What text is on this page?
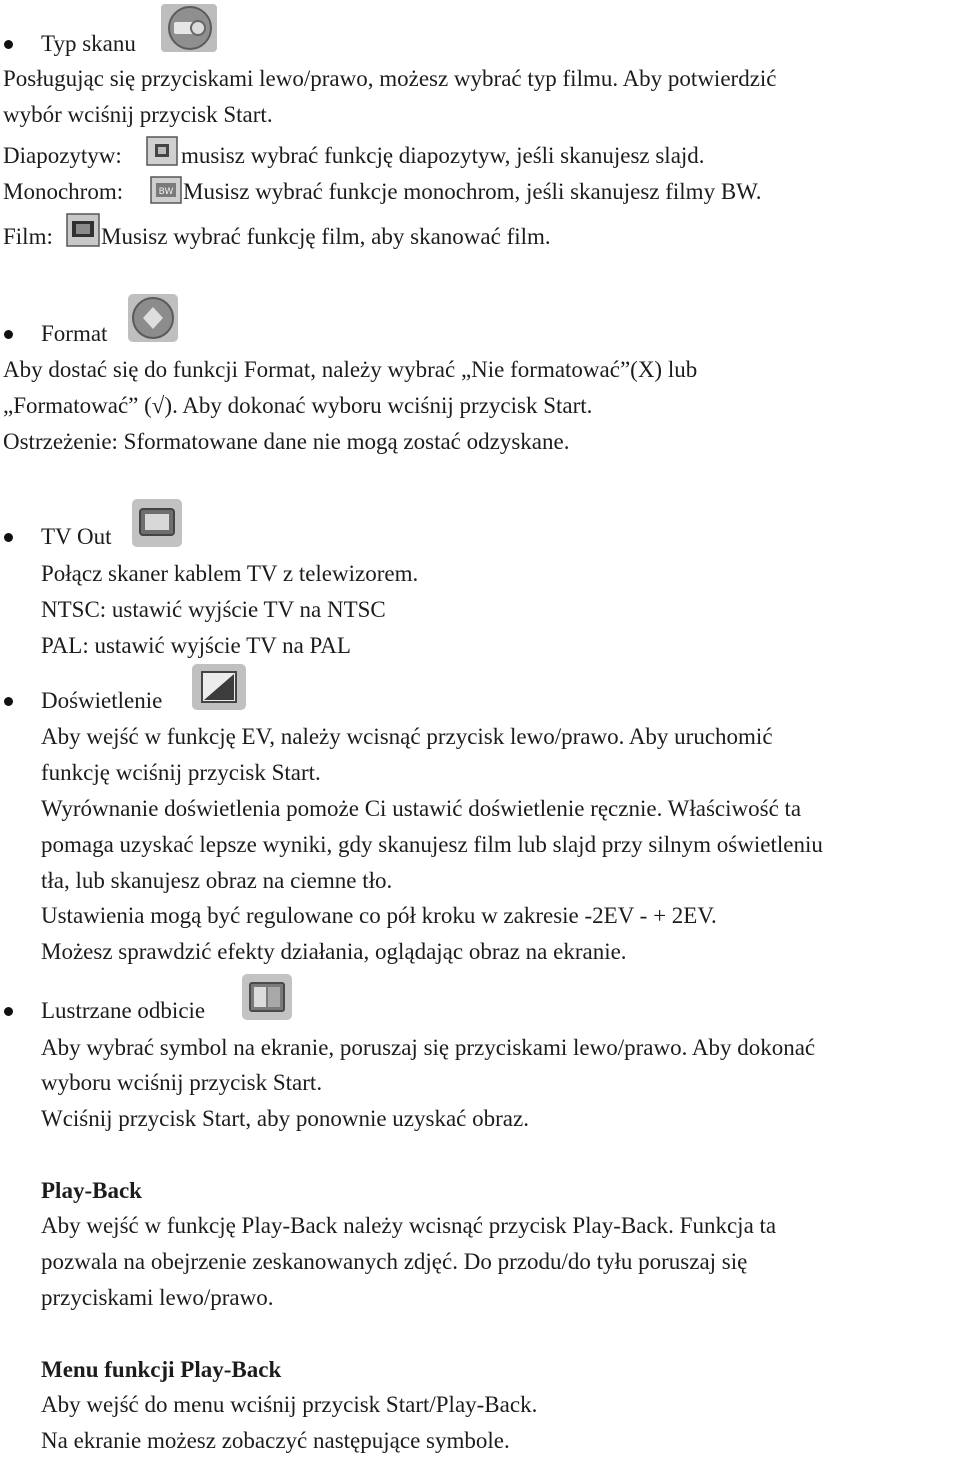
Typ skanu
Posługując się przyciskami lewo/prawo, możesz wybrać typ filmu. Aby potwierdzić
wybór wciśnij przycisk Start.
Diapozytyw:	musisz wybrać funkcję diapozytyw, jeśli skanujesz slajd.
Monochrom:	BW Musisz wybrać funkcje monochrom, jeśli skanujesz filmy BW.
Film: Musisz wybrać funkcję film, aby skanować film.
Format
Aby dostać się do funkcji Format, należy wybrać „Nie formatować”(X) lub
„Formatować” (√). Aby dokonać wyboru wciśnij przycisk Start.
Ostrzeżenie: Sformatowane dane nie mogą zostać odzyskane.
TV Out
Połącz skaner kablem TV z telewizorem.
NTSC: ustawić wyjście TV na NTSC
PAL: ustawić wyjście TV na PAL
Doświetlenie
Aby wejść w funkcję EV, należy wcisnąć przycisk lewo/prawo. Aby uruchomić
funkcję wciśnij przycisk Start.
Wyrównanie doświetlenia pomoże Ci ustawić doświetlenie ręcznie. Właściwość ta
pomaga uzyskać lepsze wyniki, gdy skanujesz film lub slajd przy silnym oświetleniu
tła, lub skanujesz obraz na ciemne tło.
Ustawienia mogą być regulowane co pół kroku w zakresie -2EV - + 2EV.
Możesz sprawdzić efekty działania, oglądając obraz na ekranie.
Lustrzane odbicie
Aby wybrać symbol na ekranie, poruszaj się przyciskami lewo/prawo. Aby dokonać
wyboru wciśnij przycisk Start.
Wciśnij przycisk Start, aby ponownie uzyskać obraz.
Play-Back
Aby wejść w funkcję Play-Back należy wcisnąć przycisk Play-Back. Funkcja ta
pozwala na obejrzenie zeskanowanych zdjęć. Do przodu/do tyłu poruszaj się
przyciskami lewo/prawo.
Menu funkcji Play-Back
Aby wejść do menu wciśnij przycisk Start/Play-Back.
Na ekranie możesz zobaczyć następujące symbole.
